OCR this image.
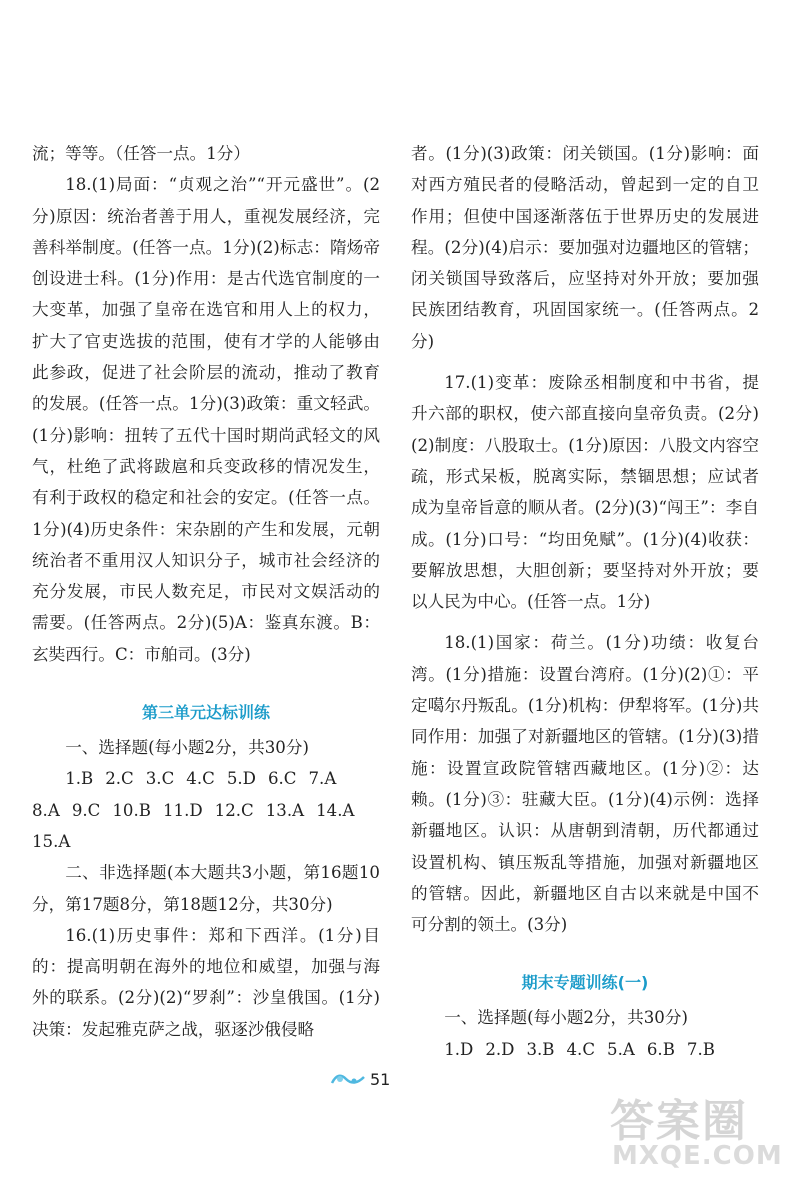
流；等等。（任答一点。1分）

18.(1)局面：“贞观之治”“开元盛世”。(2分)原因：统治者善于用人，重视发展经济，完善科举制度。(任答一点。1分)(2)标志：隋炀帝创设进士科。(1分)作用：是古代选官制度的一大变革，加强了皇帝在选官和用人上的权力，扩大了官吏选拔的范围，使有才学的人能够由此参政，促进了社会阶层的流动，推动了教育的发展。(任答一点。1分)(3)政策：重文轻武。(1分)影响：扭转了五代十国时期尚武轻文的风气，杜绝了武将跋扈和兵变政移的情况发生，有利于政权的稳定和社会的安定。(任答一点。1分)(4)历史条件：宋杂剧的产生和发展，元朝统治者不重用汉人知识分子，城市社会经济的充分发展，市民人数充足，市民对文娱活动的需要。(任答两点。2分)(5)A：鉴真东渡。B：玄奘西行。C：市舶司。(3分)

第三单元达标训练

一、选择题(每小题2分，共30分)

1.B 2.C 3.C 4.C 5.D 6.C 7.A

8.A 9.C 10.B 11.D 12.C 13.A 14.A

15.A

二、非选择题(本大题共3小题，第16题10分，第17题8分，第18题12分，共30分)

16.(1)历史事件：郑和下西洋。(1分)目的：提高明朝在海外的地位和威望，加强与海外的联系。(2分)(2)“罗刹”：沙皇俄国。(1分)决策：发起雅克萨之战，驱逐沙俄侵略

者。(1分)(3)政策：闭关锁国。(1分)影响：面对西方殖民者的侵略活动，曾起到一定的自卫作用；但使中国逐渐落伍于世界历史的发展进程。(2分)(4)启示：要加强对边疆地区的管辖；闭关锁国导致落后，应坚持对外开放；要加强民族团结教育，巩固国家统一。(任答两点。2分)

17.(1)变革：废除丞相制度和中书省，提升六部的职权，使六部直接向皇帝负责。(2分)(2)制度：八股取士。(1分)原因：八股文内容空疏，形式呆板，脱离实际，禁锢思想；应试者成为皇帝旨意的顺从者。(2分)(3)“闯王”：李自成。(1分)口号：“均田免赋”。(1分)(4)收获：要解放思想，大胆创新；要坚持对外开放；要以人民为中心。(任答一点。1分)

18.(1)国家：荷兰。(1分)功绩：收复台湾。(1分)措施：设置台湾府。(1分)(2)①：平定噶尔丹叛乱。(1分)机构：伊犁将军。(1分)共同作用：加强了对新疆地区的管辖。(1分)(3)措施：设置宣政院管辖西藏地区。(1分)②：达赖。(1分)③：驻藏大臣。(1分)(4)示例：选择新疆地区。认识：从唐朝到清朝，历代都通过设置机构、镇压叛乱等措施，加强对新疆地区的管辖。因此，新疆地区自古以来就是中国不可分割的领土。(3分)

期末专题训练(一)

一、选择题(每小题2分，共30分)

1.D 2.D 3.B 4.C 5.A 6.B 7.B

51
答案圈
MXQE.COM
